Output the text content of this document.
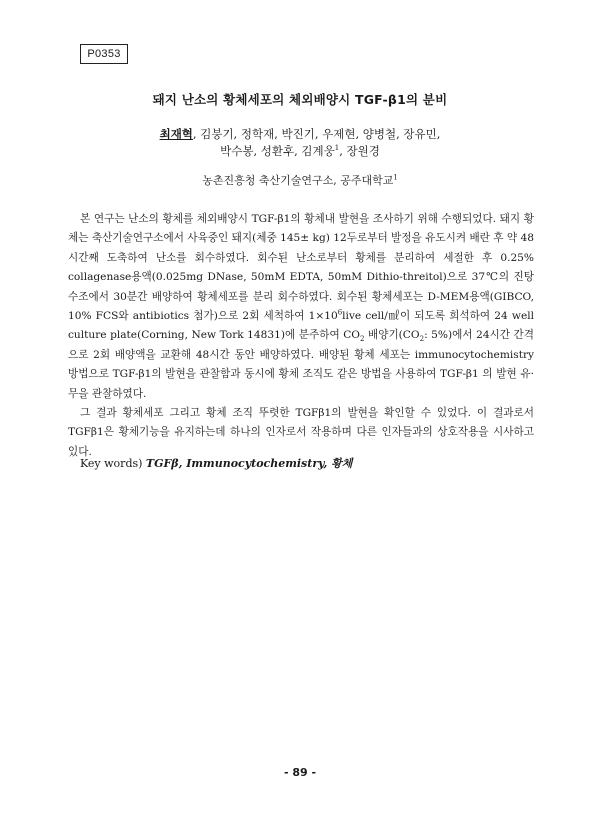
P0353
돼지 난소의 황체세포의 체외배양시 TGF-β1의 분비
최재혁, 김붕기, 정학재, 박진기, 우제현, 양병철, 장유민,
박수봉, 성환후, 김계웅$^1$, 장원경
농촌진흥청 축산기술연구소, 공주대학교$^1$

본 연구는 난소의 황체를 체외배양시 TGF-β1의 황체내 발현을 조사하기 위해 수행되었다. 돼지 황체는 축산기술연구소에서 사육중인 돼지(체중 145± kg) 12두로부터 발정을 유도시켜 배란 후 약 48시간째 도축하여 난소를 회수하였다. 회수된 난소로부터 황체를 분리하여 세절한 후 0.25% collagenase용액(0.025mg DNase, 50mM EDTA, 50mM Dithio-threitol)으로 37℃의 진탕 수조에서 30분간 배양하여 황체세포를 분리 회수하였다. 회수된 황체세포는 D-MEM용액(GIBCO, 10% FCS와 antibiotics 첨가)으로 2회 세척하여 $1\times 10^6live$ cell/㎖이 되도록 희석하여 24 well culture plate(Corning, New Tork 14831)에 분주하여 $CO_2$ 배양기($CO_2$: 5%)에서 24시간 간격으로 2회 배양액을 교환해 48시간 동안 배양하였다. 배양된 황체 세포는 immunocytochemistry 방법으로 TGF-β1의 발현을 관찰함과 동시에 황체 조직도 같은 방법을 사용하여 TGF-β1 의 발현 유·무을 관찰하였다.

그 결과 황체세포 그리고 황체 조직 뚜렷한 TGFβ1의 발현을 확인할 수 있었다. 이 결과로서 TGFβ1은 황체기능을 유지하는데 하나의 인자로서 작용하며 다른 인자들과의 상호작용을 시사하고 있다.

Key words) TGFβ, Immunocytochemistry, 황체
- 89 -
